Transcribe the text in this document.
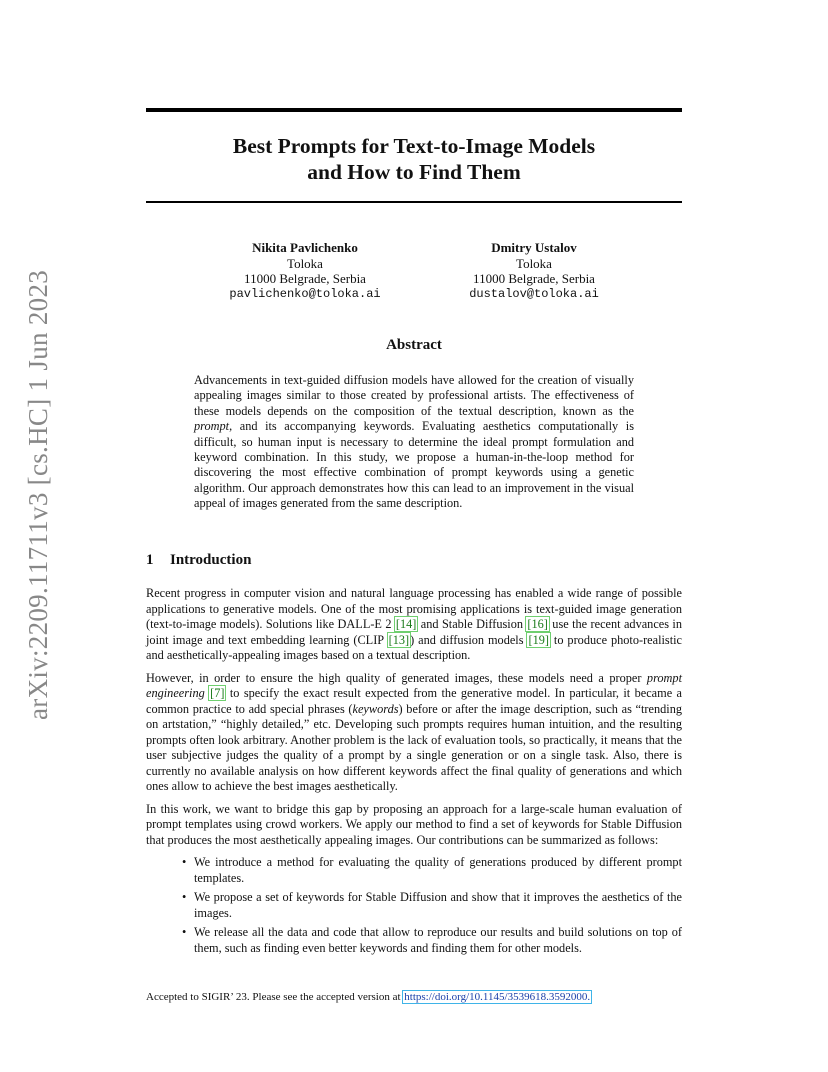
Best Prompts for Text-to-Image Models
and How to Find Them
arXiv:2209.11711v3 [cs.HC] 1 Jun 2023
Nikita Pavlichenko
Toloka
11000 Belgrade, Serbia
pavlichenko@toloka.ai
Dmitry Ustalov
Toloka
11000 Belgrade, Serbia
dustalov@toloka.ai
Abstract
Advancements in text-guided diffusion models have allowed for the creation of visually appealing images similar to those created by professional artists. The effectiveness of these models depends on the composition of the textual description, known as the prompt, and its accompanying keywords. Evaluating aesthetics computationally is difficult, so human input is necessary to determine the ideal prompt formulation and keyword combination. In this study, we propose a human-in-the-loop method for discovering the most effective combination of prompt keywords using a genetic algorithm. Our approach demonstrates how this can lead to an improvement in the visual appeal of images generated from the same description.
1 Introduction

Recent progress in computer vision and natural language processing has enabled a wide range of possible applications to generative models. One of the most promising applications is text-guided image generation (text-to-image models). Solutions like DALL-E 2 [14] and Stable Diffusion [16] use the recent advances in joint image and text embedding learning (CLIP [13]) and diffusion models [19] to produce photo-realistic and aesthetically-appealing images based on a textual description.

However, in order to ensure the high quality of generated images, these models need a proper prompt engineering [7] to specify the exact result expected from the generative model. In particular, it became a common practice to add special phrases (keywords) before or after the image description, such as “trending on artstation,” “highly detailed,” etc. Developing such prompts requires human intuition, and the resulting prompts often look arbitrary. Another problem is the lack of evaluation tools, so practically, it means that the user subjective judges the quality of a prompt by a single generation or on a single task. Also, there is currently no available analysis on how different keywords affect the final quality of generations and which ones allow to achieve the best images aesthetically.

In this work, we want to bridge this gap by proposing an approach for a large-scale human evaluation of prompt templates using crowd workers. We apply our method to find a set of keywords for Stable Diffusion that produces the most aesthetically appealing images. Our contributions can be summarized as follows:

• We introduce a method for evaluating the quality of generations produced by different prompt templates.
• We propose a set of keywords for Stable Diffusion and show that it improves the aesthetics of the images.
• We release all the data and code that allow to reproduce our results and build solutions on top of them, such as finding even better keywords and finding them for other models.
Accepted to SIGIR’ 23. Please see the accepted version at https://doi.org/10.1145/3539618.3592000.
